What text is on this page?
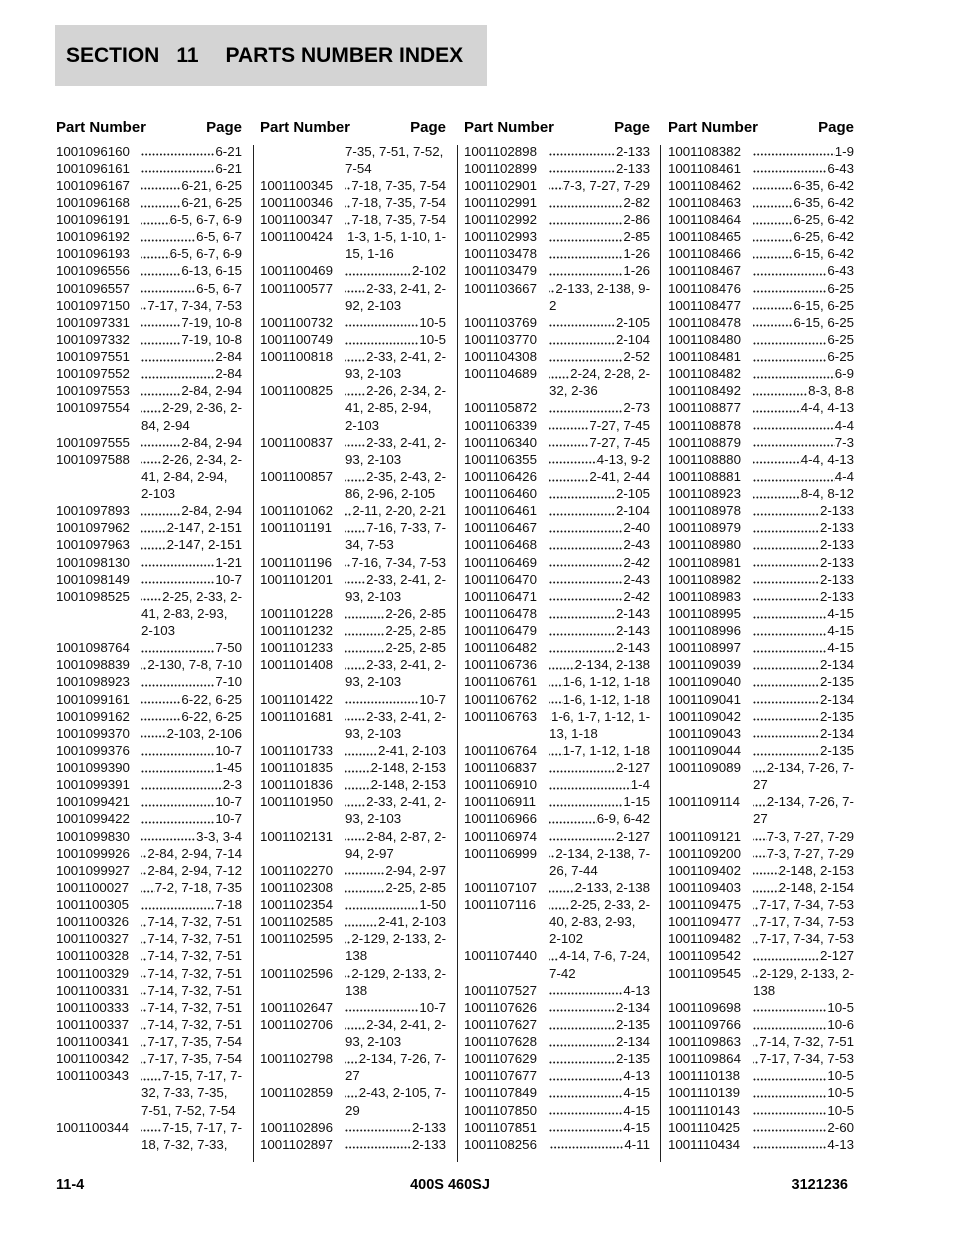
SECTION 11 PARTS NUMBER INDEX
Part Number	Page
1001096160	6-21
1001096161	6-21
1001096167	6-21, 6-25
1001096168	6-21, 6-25
1001096191	6-5, 6-7, 6-9
1001096192	6-5, 6-7
1001096193	6-5, 6-7, 6-9
1001096556	6-13, 6-15
1001096557	6-5, 6-7
1001097150	7-17, 7-34, 7-53
1001097331	7-19, 10-8
1001097332	7-19, 10-8
1001097551	2-84
1001097552	2-84
1001097553	2-84, 2-94
1001097554	2-29, 2-36, 2-
84, 2-94
1001097555	2-84, 2-94
1001097588	2-26, 2-34, 2-
41, 2-84, 2-94,
2-103
1001097893	2-84, 2-94
1001097962	2-147, 2-151
1001097963	2-147, 2-151
1001098130	1-21
1001098149	10-7
1001098525	2-25, 2-33, 2-
41, 2-83, 2-93,
2-103
1001098764	7-50
1001098839	2-130, 7-8, 7-10
1001098923	7-10
1001099161	6-22, 6-25
1001099162	6-22, 6-25
1001099370	2-103, 2-106
1001099376	10-7
1001099390	1-45
1001099391	2-3
1001099421	10-7
1001099422	10-7
1001099830	3-3, 3-4
1001099926	2-84, 2-94, 7-14
1001099927	2-84, 2-94, 7-12
1001100027	7-2, 7-18, 7-35
1001100305	7-18
1001100326	7-14, 7-32, 7-51
1001100327	7-14, 7-32, 7-51
1001100328	7-14, 7-32, 7-51
1001100329	7-14, 7-32, 7-51
1001100331	7-14, 7-32, 7-51
1001100333	7-14, 7-32, 7-51
1001100337	7-14, 7-32, 7-51
1001100341	7-17, 7-35, 7-54
1001100342	7-17, 7-35, 7-54
1001100343	7-15, 7-17, 7-
32, 7-33, 7-35,
7-51, 7-52, 7-54
1001100344	7-15, 7-17, 7-
18, 7-32, 7-33,
Part Number	Page
7-35, 7-51, 7-52,
7-54
1001100345	7-18, 7-35, 7-54
1001100346	7-18, 7-35, 7-54
1001100347	7-18, 7-35, 7-54
1001100424	1-3, 1-5, 1-10, 1-
15, 1-16
1001100469	2-102
1001100577	2-33, 2-41, 2-
92, 2-103
1001100732	10-5
1001100749	10-5
1001100818	2-33, 2-41, 2-
93, 2-103
1001100825	2-26, 2-34, 2-
41, 2-85, 2-94,
2-103
1001100837	2-33, 2-41, 2-
93, 2-103
1001100857	2-35, 2-43, 2-
86, 2-96, 2-105
1001101062	2-11, 2-20, 2-21
1001101191	7-16, 7-33, 7-
34, 7-53
1001101196	7-16, 7-34, 7-53
1001101201	2-33, 2-41, 2-
93, 2-103
1001101228	2-26, 2-85
1001101232	2-25, 2-85
1001101233	2-25, 2-85
1001101408	2-33, 2-41, 2-
93, 2-103
1001101422	10-7
1001101681	2-33, 2-41, 2-
93, 2-103
1001101733	2-41, 2-103
1001101835	2-148, 2-153
1001101836	2-148, 2-153
1001101950	2-33, 2-41, 2-
93, 2-103
1001102131	2-84, 2-87, 2-
94, 2-97
1001102270	2-94, 2-97
1001102308	2-25, 2-85
1001102354	1-50
1001102585	2-41, 2-103
1001102595	2-129, 2-133, 2-
138
1001102596	2-129, 2-133, 2-
138
1001102647	10-7
1001102706	2-34, 2-41, 2-
93, 2-103
1001102798	2-134, 7-26, 7-
27
1001102859	2-43, 2-105, 7-
29
1001102896	2-133
1001102897	2-133
Part Number	Page
1001102898	2-133
1001102899	2-133
1001102901	7-3, 7-27, 7-29
1001102991	2-82
1001102992	2-86
1001102993	2-85
1001103478	1-26
1001103479	1-26
1001103667	2-133, 2-138, 9-
2
1001103769	2-105
1001103770	2-104
1001104308	2-52
1001104689	2-24, 2-28, 2-
32, 2-36
1001105872	2-73
1001106339	7-27, 7-45
1001106340	7-27, 7-45
1001106355	4-13, 9-2
1001106426	2-41, 2-44
1001106460	2-105
1001106461	2-104
1001106467	2-40
1001106468	2-43
1001106469	2-42
1001106470	2-43
1001106471	2-42
1001106478	2-143
1001106479	2-143
1001106482	2-143
1001106736	2-134, 2-138
1001106761	1-6, 1-12, 1-18
1001106762	1-6, 1-12, 1-18
1001106763	1-6, 1-7, 1-12, 1-
13, 1-18
1001106764	1-7, 1-12, 1-18
1001106837	2-127
1001106910	1-4
1001106911	1-15
1001106966	6-9, 6-42
1001106974	2-127
1001106999	2-134, 2-138, 7-
26, 7-44
1001107107	2-133, 2-138
1001107116	2-25, 2-33, 2-
40, 2-83, 2-93,
2-102
1001107440	4-14, 7-6, 7-24,
7-42
1001107527	4-13
1001107626	2-134
1001107627	2-135
1001107628	2-134
1001107629	2-135
1001107677	4-13
1001107849	4-15
1001107850	4-15
1001107851	4-15
1001108256	4-11
Part Number	Page
1001108382	1-9
1001108461	6-43
1001108462	6-35, 6-42
1001108463	6-35, 6-42
1001108464	6-25, 6-42
1001108465	6-25, 6-42
1001108466	6-15, 6-42
1001108467	6-43
1001108476	6-25
1001108477	6-15, 6-25
1001108478	6-15, 6-25
1001108480	6-25
1001108481	6-25
1001108482	6-9
1001108492	8-3, 8-8
1001108877	4-4, 4-13
1001108878	4-4
1001108879	7-3
1001108880	4-4, 4-13
1001108881	4-4
1001108923	8-4, 8-12
1001108978	2-133
1001108979	2-133
1001108980	2-133
1001108981	2-133
1001108982	2-133
1001108983	2-133
1001108995	4-15
1001108996	4-15
1001108997	4-15
1001109039	2-134
1001109040	2-135
1001109041	2-134
1001109042	2-135
1001109043	2-134
1001109044	2-135
1001109089	2-134, 7-26, 7-
27
1001109114	2-134, 7-26, 7-
27
1001109121	7-3, 7-27, 7-29
1001109200	7-3, 7-27, 7-29
1001109402	2-148, 2-153
1001109403	2-148, 2-154
1001109475	7-17, 7-34, 7-53
1001109477	7-17, 7-34, 7-53
1001109482	7-17, 7-34, 7-53
1001109542	2-127
1001109545	2-129, 2-133, 2-
138
1001109698	10-5
1001109766	10-6
1001109863	7-14, 7-32, 7-51
1001109864	7-17, 7-34, 7-53
1001110138	10-5
1001110139	10-5
1001110143	10-5
1001110425	2-60
1001110434	4-13
11-4	400S 460SJ	3121236
